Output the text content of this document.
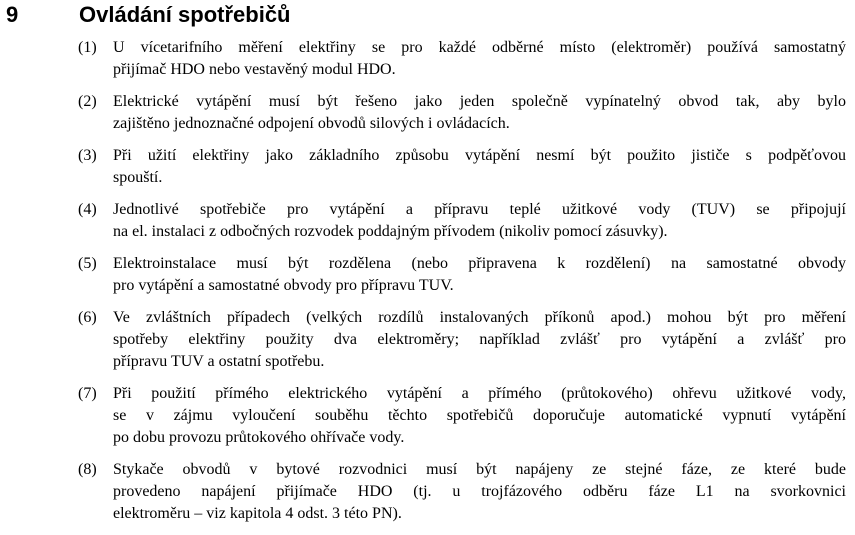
9	Ovládání spotřebičů
(1) U vícetarifního měření elektřiny se pro každé odběrné místo (elektroměr) používá samostatný
přijímač HDO nebo vestavěný modul HDO.
(2) Elektrické vytápění musí být řešeno jako jeden společně vypínatelný obvod tak, aby bylo
zajištěno jednoznačné odpojení obvodů silových i ovládacích.
(3) Při užití elektřiny jako základního způsobu vytápění nesmí být použito jističe s podpěťovou
spouští.
(4) Jednotlivé spotřebiče pro vytápění a přípravu teplé užitkové vody (TUV) se připojují
na el. instalaci z odbočných rozvodek poddajným přívodem (nikoliv pomocí zásuvky).
(5) Elektroinstalace musí být rozdělena (nebo připravena k rozdělení) na samostatné obvody
pro vytápění a samostatné obvody pro přípravu TUV.
(6) Ve zvláštních případech (velkých rozdílů instalovaných příkonů apod.) mohou být pro měření
spotřeby elektřiny použity dva elektroměry; například zvlášť pro vytápění a zvlášť pro
přípravu TUV a ostatní spotřebu.
(7) Při použití přímého elektrického vytápění a přímého (průtokového) ohřevu užitkové vody,
se v zájmu vyloučení souběhu těchto spotřebičů doporučuje automatické vypnutí vytápění
po dobu provozu průtokového ohřívače vody.
(8) Stykače obvodů v bytové rozvodnici musí být napájeny ze stejné fáze, ze které bude
provedeno napájení přijímače HDO (tj. u trojfázového odběru fáze L1 na svorkovnici
elektroměru – viz kapitola 4 odst. 3 této PN).
